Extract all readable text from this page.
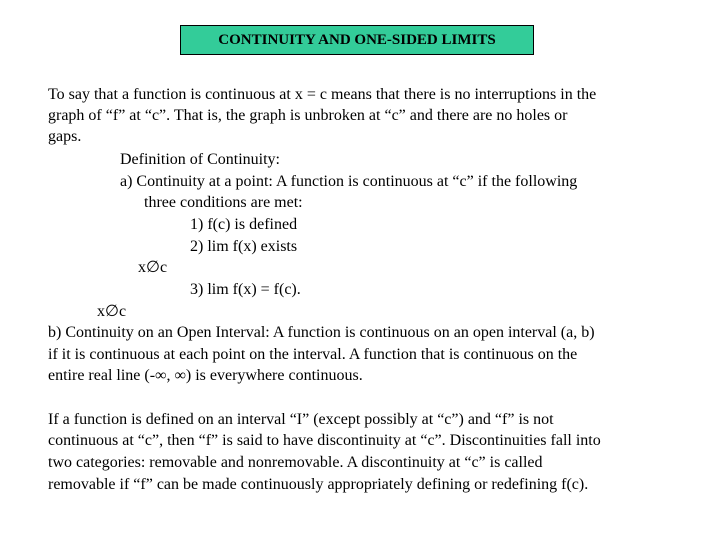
CONTINUITY AND ONE-SIDED LIMITS
To say that a function is continuous at x = c means that there is no interruptions in the
graph of “f” at “c”. That is, the graph is unbroken at “c” and there are no holes or
gaps.
Definition of Continuity:
a) Continuity at a point: A function is continuous at “c” if the following
three conditions are met:
1) f(c) is defined
2) lim f(x) exists
x∅c
3) lim f(x) = f(c).
x∅c
b) Continuity on an Open Interval: A function is continuous on an open interval (a, b)
if it is continuous at each point on the interval. A function that is continuous on the
entire real line (-∞, ∞) is everywhere continuous.
If a function is defined on an interval “I” (except possibly at “c”) and “f” is not
continuous at “c”, then “f” is said to have discontinuity at “c”. Discontinuities fall into
two categories: removable and nonremovable. A discontinuity at “c” is called
removable if “f” can be made continuously appropriately defining or redefining f(c).
